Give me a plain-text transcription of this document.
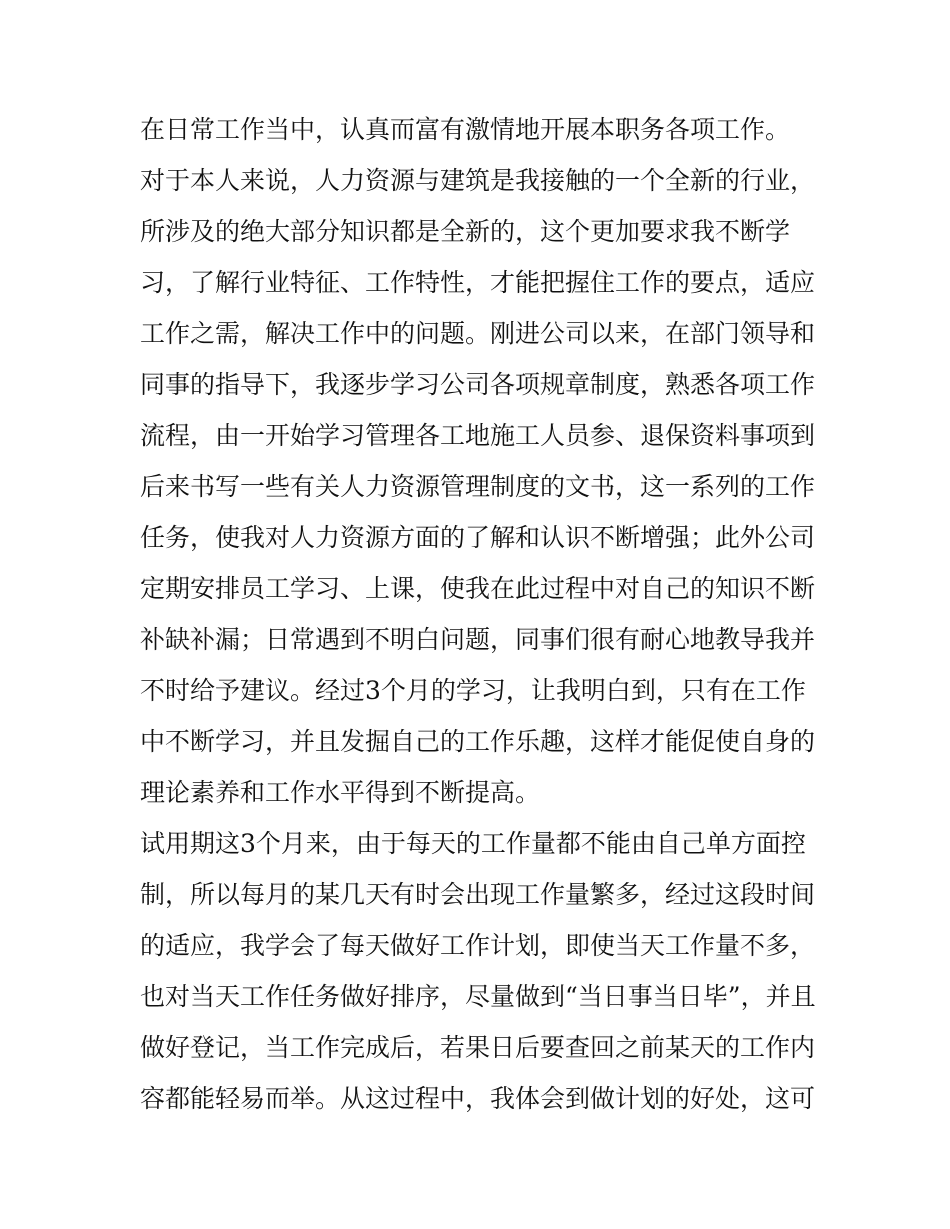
在日常工作当中，认真而富有激情地开展本职务各项工作。

对于本人来说，人力资源与建筑是我接触的一个全新的行业，

所涉及的绝大部分知识都是全新的，这个更加要求我不断学

习，了解行业特征、工作特性，才能把握住工作的要点，适应

工作之需，解决工作中的问题。刚进公司以来，在部门领导和

同事的指导下，我逐步学习公司各项规章制度，熟悉各项工作

流程，由一开始学习管理各工地施工人员参、退保资料事项到

后来书写一些有关人力资源管理制度的文书，这一系列的工作

任务，使我对人力资源方面的了解和认识不断增强；此外公司

定期安排员工学习、上课，使我在此过程中对自己的知识不断

补缺补漏；日常遇到不明白问题，同事们很有耐心地教导我并

不时给予建议。经过3个月的学习，让我明白到，只有在工作

中不断学习，并且发掘自己的工作乐趣，这样才能促使自身的

理论素养和工作水平得到不断提高。

试用期这3个月来，由于每天的工作量都不能由自己单方面控

制，所以每月的某几天有时会出现工作量繁多，经过这段时间

的适应，我学会了每天做好工作计划，即使当天工作量不多，

也对当天工作任务做好排序，尽量做到“当日事当日毕”，并且

做好登记，当工作完成后，若果日后要查回之前某天的工作内

容都能轻易而举。从这过程中，我体会到做计划的好处，这可
